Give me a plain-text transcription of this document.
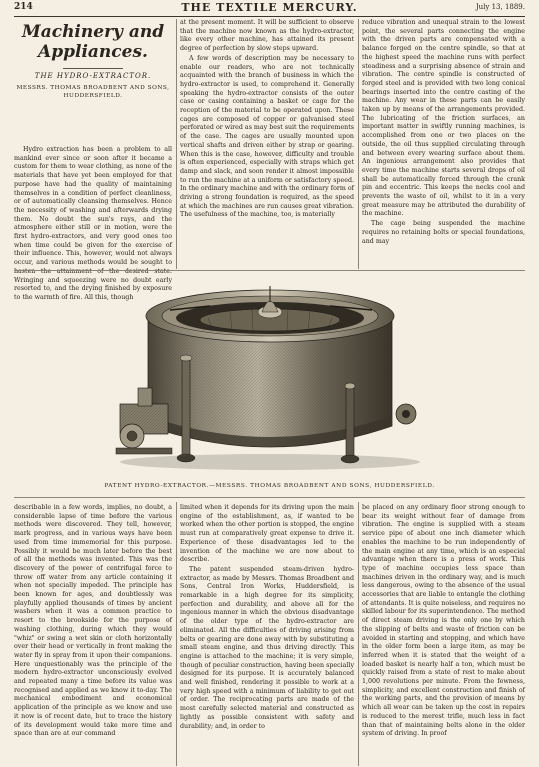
214	THE TEXTILE MERCURY.	July 13, 1889.
Machinery and
Appliances.
THE HYDRO-EXTRACTOR.
MESSRS. THOMAS BROADBENT AND SONS,
HUDDERSFIELD.

Hydro extraction has been a problem to all mankind ever since or soon after it became a custom for them to wear clothing, as none of the materials that have yet been employed for that purpose have had the quality of maintaining themselves in a condition of perfect cleanliness, or of automatically cleansing themselves. Hence the necessity of washing and afterwards drying them. No doubt the sun's rays, and the atmosphere either still or in motion, were the first hydro-extractors, and very good ones too when time could be given for the exercise of their influence. This, however, would not always occur, and various methods would be sought to hasten the attainment of the desired state. Wringing and squeezing were no doubt early resorted to, and the drying finished by exposure to the warmth of fire. All this, though

at the present moment. It will be sufficient to observe that the machine now known as the hydro-extractor, like every other machine, has attained its present degree of perfection by slow steps upward.

A few words of description may be necessary to enable our readers, who are not technically acquainted with the branch of business in which the hydro-extractor is used, to comprehend it. Generally speaking the hydro-extractor consists of the outer case or casing containing a basket or cage for the reception of the material to be operated upon. These cages are composed of copper or galvanised steel perforated or wired as may best suit the requirements of the case. The cages are usually mounted upon vertical shafts and driven either by strap or gearing. When this is the case, however, difficulty and trouble is often experienced, especially with straps which get damp and slack, and soon render it almost impossible to run the machine at a uniform or satisfactory speed. In the ordinary machine and with the ordinary form of driving a strong foundation is required, as the speed at which the machines are run causes great vibration. The usefulness of the machine, too, is materially

reduce vibration and unequal strain to the lowest point, the several parts connecting the engine with the driven parts are compensated with a balance forged on the centre spindle, so that at the highest speed the machine runs with perfect steadiness and a surprising absence of strain and vibration. The centre spindle is constructed of forged steel and is provided with two long conical bearings inserted into the centre casting of the machine. Any wear in these parts can be easily taken up by means of the arrangements provided. The lubricating of the friction surfaces, an important matter in swiftly running machines, is accomplished from one or two places on the outside, the oil thus supplied circulating through and between every wearing surface about them. An ingenious arrangement also provides that every time the machine starts several drops of oil shall be automatically forced through the crank pin and eccentric. This keeps the necks cool and prevents the waste of oil, whilst to it in a very great measure may be attributed the durability of the machine.

The cage being suspended the machine requires no retaining bolts or special foundations, and may

PATENT HYDRO-EXTRACTOR.—MESSRS. THOMAS BROADBENT AND SONS, HUDDERSFIELD.

describable in a few words, implies, no doubt, a considerable lapse of time before the various methods were discovered. They tell, however, mark progress, and in various ways have been used from time immemorial for this purpose. Possibly it would be much later before the best of all the methods was invented. This was the discovery of the power of centrifugal force to throw off water from any article containing it when not specially impeded. The principle has been known for ages, and doubtlessly was playfully applied thousands of times by ancient washers when it was a common practice to resort to the brookside for the purpose of washing clothing, during which they would "whiz" or swing a wet skin or cloth horizontally over their head or vertically in front making the water fly in spray from it upon their companions. Here unquestionably was the principle of the modern hydro-extractor unconsciously evolved and repeated many a time before its value was recognised and applied as we know it to-day. The mechanical embodiment and economical application of the principle as we know and use it now is of recent date, but to trace the history of its development would take more time and space than are at our command

limited when it depends for its driving upon the main engine of the establishment, as, if wanted to be worked when the other portion is stopped, the engine must run at comparatively great expense to drive it. Experience of these disadvantages led to the invention of the machine we are now about to describe.

The patent suspended steam-driven hydro-extractor, as made by Messrs. Thomas Broadbent and Sons, Central Iron Works, Huddersfield, is remarkable in a high degree for its simplicity, perfection and durability, and above all for the ingenious manner in which the obvious disadvantage of the older type of the hydro-extractor are eliminated. All the difficulties of driving arising from belts or gearing are done away with by substituting a small steam engine, and thus driving directly. This engine is attached to the machine; it is very simple, though of peculiar construction, having been specially designed for its purpose. It is accurately balanced and well finished, rendering it possible to work at a very high speed with a minimum of liability to get out of order. The reciprocating parts are made of the most carefully selected material and constructed as lightly as possible consistent with safety and durability; and, in order to

be placed on any ordinary floor strong enough to bear its weight without fear of damage from vibration. The engine is supplied with a steam service pipe of about one inch diameter which enables the machine to be run independently of the main engine at any time, which is an especial advantage when there is a press of work. This type of machine occupies less space than machines driven in the ordinary way, and is much less dangerous, owing to the absence of the usual accessories that are liable to entangle the clothing of attendants. It is quite noiseless, and requires no skilled labour for its superintendence. The method of direct steam driving is the only one by which the slipping of belts and waste of friction can be avoided in starting and stopping, and which have in the older form been a large item, as may be inferred when it is stated that the weight of a loaded basket is nearly half a ton, which must be quickly raised from a state of rest to make about 1,000 revolutions per minute. From the fewness, simplicity, and excellent construction and finish of the working parts, and the provision of means by which all wear can be taken up the cost in repairs is reduced to the merest trifle, much less in fact than that of maintaining belts alone in the older system of driving. In proof
